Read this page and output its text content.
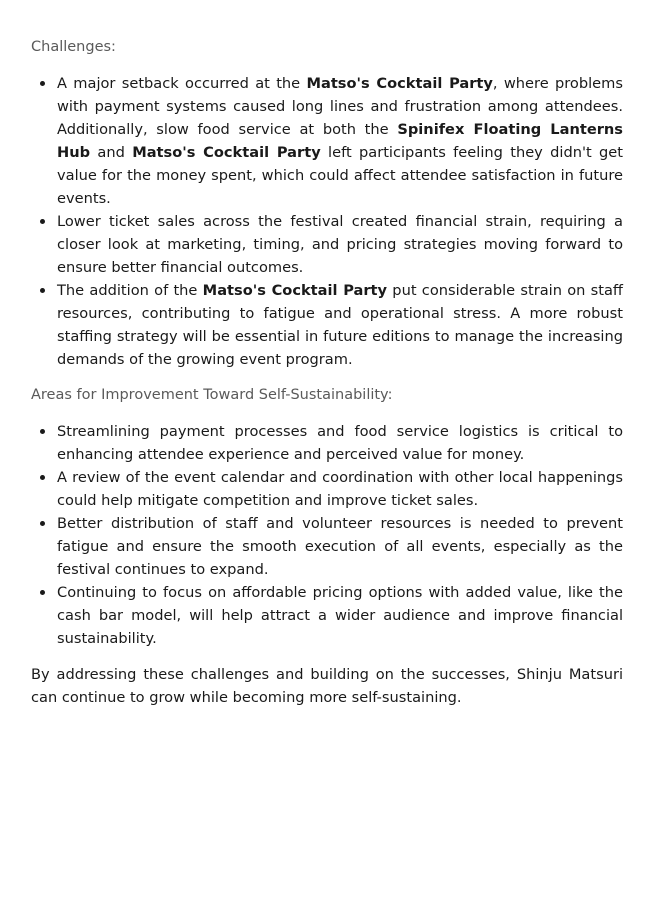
Challenges:
A major setback occurred at the Matso's Cocktail Party, where problems with payment systems caused long lines and frustration among attendees. Additionally, slow food service at both the Spinifex Floating Lanterns Hub and Matso's Cocktail Party left participants feeling they didn't get value for the money spent, which could affect attendee satisfaction in future events.
Lower ticket sales across the festival created financial strain, requiring a closer look at marketing, timing, and pricing strategies moving forward to ensure better financial outcomes.
The addition of the Matso's Cocktail Party put considerable strain on staff resources, contributing to fatigue and operational stress. A more robust staffing strategy will be essential in future editions to manage the increasing demands of the growing event program.
Areas for Improvement Toward Self-Sustainability:
Streamlining payment processes and food service logistics is critical to enhancing attendee experience and perceived value for money.
A review of the event calendar and coordination with other local happenings could help mitigate competition and improve ticket sales.
Better distribution of staff and volunteer resources is needed to prevent fatigue and ensure the smooth execution of all events, especially as the festival continues to expand.
Continuing to focus on affordable pricing options with added value, like the cash bar model, will help attract a wider audience and improve financial sustainability.

By addressing these challenges and building on the successes, Shinju Matsuri can continue to grow while becoming more self-sustaining.
